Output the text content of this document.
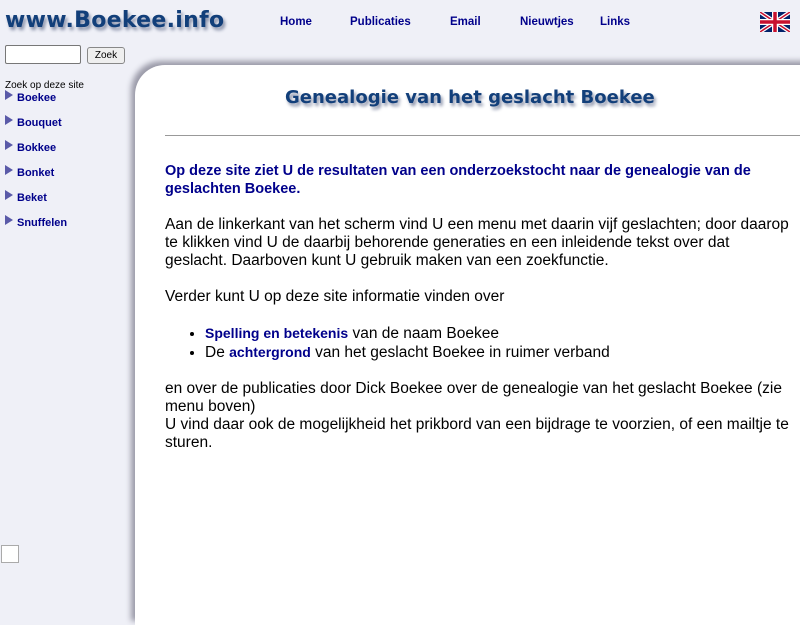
www.Boekee.info	Home	Publicaties	Email	Nieuwtjes Links
Zoek
Zoek op deze site
Boekee
Bouquet
Bokkee
Bonket
Beket
Snuffelen
Genealogie van het geslacht Boekee

Op deze site ziet U de resultaten van een onderzoekstocht naar de genealogie van de geslachten Boekee.

Aan de linkerkant van het scherm vind U een menu met daarin vijf geslachten; door daarop te klikken vind U de daarbij behorende generaties en een inleidende tekst over dat geslacht. Daarboven kunt U gebruik maken van een zoekfunctie.

Verder kunt U op deze site informatie vinden over

• Spelling en betekenis van de naam Boekee
• De achtergrond van het geslacht Boekee in ruimer verband
en over de publicaties door Dick Boekee over de genealogie van het geslacht Boekee (zie menu boven)
U vind daar ook de mogelijkheid het prikbord van een bijdrage te voorzien, of een mailtje te sturen.
